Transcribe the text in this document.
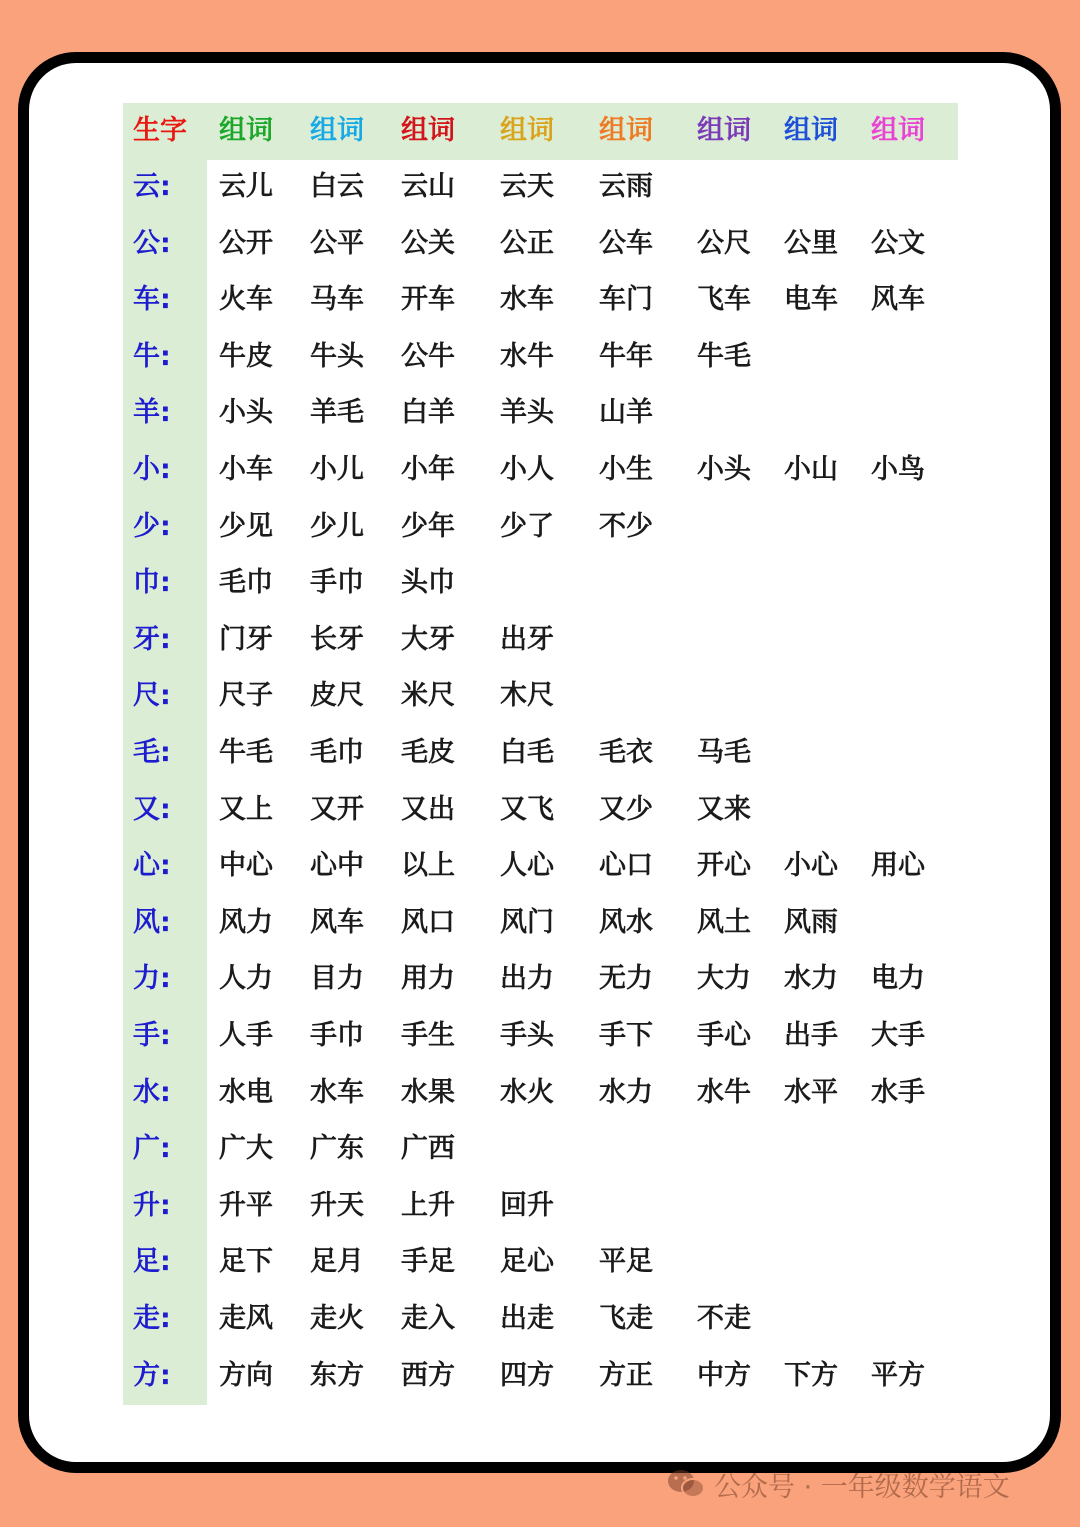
生字 组词 组词 组词 组词 组词 组词 组词 组词
云: 云儿 白云 云山 云天 云雨
公: 公开 公平 公关 公正 公车 公尺 公里 公文
车: 火车 马车 开车 水车 车门 飞车 电车 风车
牛: 牛皮 牛头 公牛 水牛 牛年 牛毛
羊: 小头 羊毛 白羊 羊头 山羊
小: 小车 小儿 小年 小人 小生 小头 小山 小鸟
少: 少见 少儿 少年 少了 不少
巾: 毛巾 手巾 头巾
牙: 门牙 长牙 大牙 出牙
尺: 尺子 皮尺 米尺 木尺
毛: 牛毛 毛巾 毛皮 白毛 毛衣 马毛
又: 又上 又开 又出 又飞 又少 又来
心: 中心 心中 以上 人心 心口 开心 小心 用心
风: 风力 风车 风口 风门 风水 风土 风雨
力: 人力 目力 用力 出力 无力 大力 水力 电力
手: 人手 手巾 手生 手头 手下 手心 出手 大手
水: 水电 水车 水果 水火 水力 水牛 水平 水手
广: 广大 广东 广西
升: 升平 升天 上升 回升
足: 足下 足月 手足 足心 平足
走: 走风 走火 走入 出走 飞走 不走
方: 方向 东方 西方 四方 方正 中方 下方 平方
公众号 · 一年级数学语文
